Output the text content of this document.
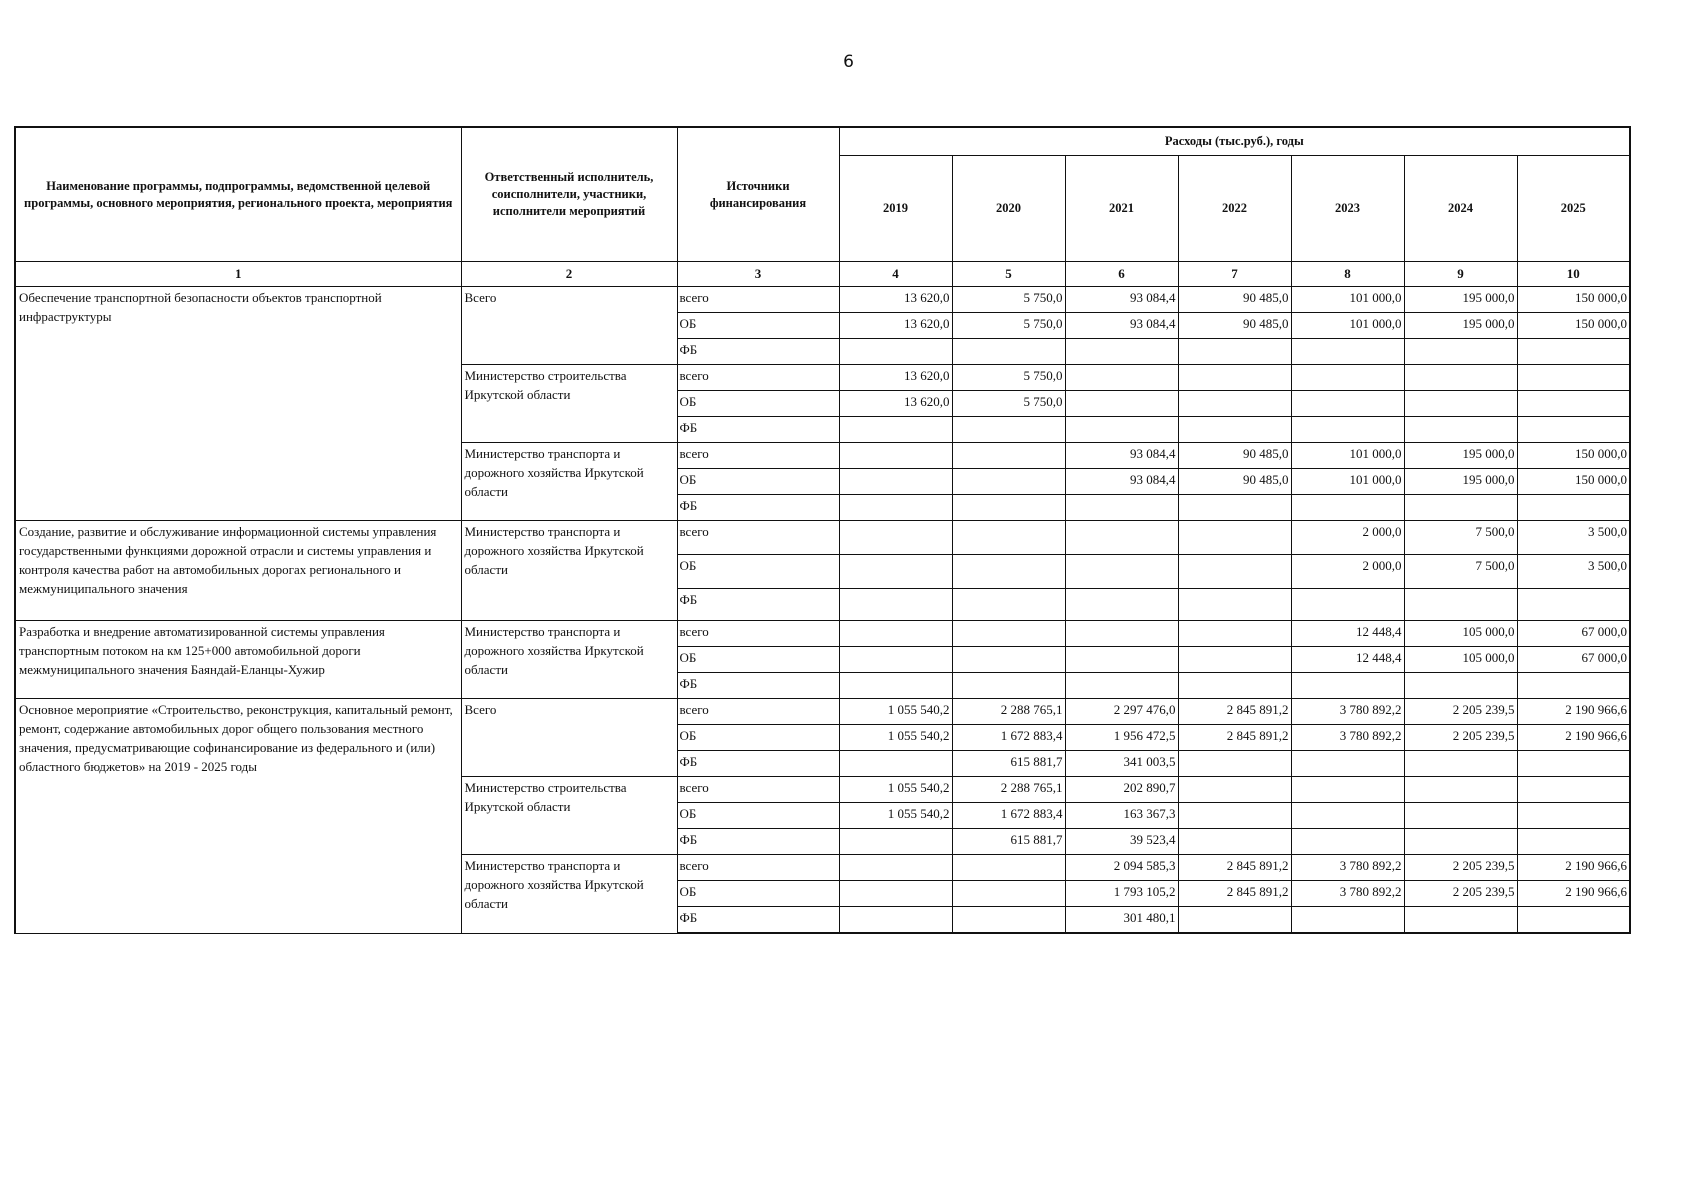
6
Наименование программы, подпрограммы, ведомственной целевой программы, основного мероприятия, регионального проекта, мероприятия	Ответственный исполнитель, соисполнители, участники, исполнители мероприятий	Источники финансирования	Расходы (тыс.руб.), годы						
			2019	2020	2021	2022	2023	2024	2025
1	2	3	4	5	6	7	8	9	10
Обеспечение транспортной безопасности объектов транспортной инфраструктуры	Всего	всего	13 620,0	5 750,0	93 084,4	90 485,0	101 000,0	195 000,0	150 000,0
		ОБ	13 620,0	5 750,0	93 084,4	90 485,0	101 000,0	195 000,0	150 000,0
		ФБ							
	Министерство строительства Иркутской области	всего	13 620,0	5 750,0					
		ОБ	13 620,0	5 750,0					
		ФБ							
	Министерство транспорта и дорожного хозяйства Иркутской области	всего			93 084,4	90 485,0	101 000,0	195 000,0	150 000,0
		ОБ			93 084,4	90 485,0	101 000,0	195 000,0	150 000,0
		ФБ							
Создание, развитие и обслуживание информационной системы управления государственными функциями дорожной отрасли и системы управления и контроля качества работ на автомобильных дорогах регионального и межмуниципального значения	Министерство транспорта и дорожного хозяйства Иркутской области	всего					2 000,0	7 500,0	3 500,0
		ОБ					2 000,0	7 500,0	3 500,0
		ФБ							
Разработка и внедрение автоматизированной системы управления транспортным потоком на км 125+000 автомобильной дороги межмуниципального значения Баяндай-Еланцы-Хужир	Министерство транспорта и дорожного хозяйства Иркутской области	всего					12 448,4	105 000,0	67 000,0
		ОБ					12 448,4	105 000,0	67 000,0
		ФБ							
Основное мероприятие «Строительство, реконструкция, капитальный ремонт, ремонт, содержание автомобильных дорог общего пользования местного значения, предусматривающие софинансирование из федерального и (или) областного бюджетов» на 2019 - 2025 годы	Всего	всего	1 055 540,2	2 288 765,1	2 297 476,0	2 845 891,2	3 780 892,2	2 205 239,5	2 190 966,6
		ОБ	1 055 540,2	1 672 883,4	1 956 472,5	2 845 891,2	3 780 892,2	2 205 239,5	2 190 966,6
		ФБ		615 881,7	341 003,5				
	Министерство строительства Иркутской области	всего	1 055 540,2	2 288 765,1	202 890,7				
		ОБ	1 055 540,2	1 672 883,4	163 367,3				
		ФБ		615 881,7	39 523,4				
	Министерство транспорта и дорожного хозяйства Иркутской области	всего			2 094 585,3	2 845 891,2	3 780 892,2	2 205 239,5	2 190 966,6
		ОБ			1 793 105,2	2 845 891,2	3 780 892,2	2 205 239,5	2 190 966,6
		ФБ			301 480,1				
